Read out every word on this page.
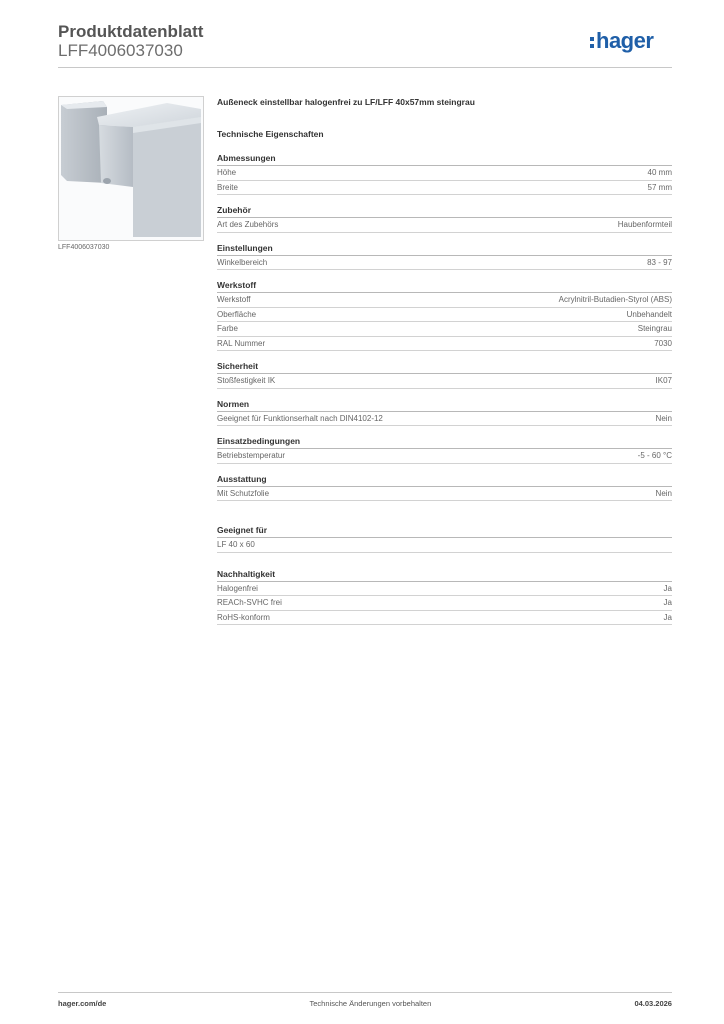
Produktdatenblatt
LFF4006037030	hager
LFF4006037030
Außeneck einstellbar halogenfrei zu LF/LFF 40x57mm steingrau
Technische Eigenschaften
Abmessungen
Höhe	40 mm
Breite	57 mm
Zubehör
Art des Zubehörs	Haubenformteil
Einstellungen
Winkelbereich	83 - 97
Werkstoff
Werkstoff	Acrylnitril-Butadien-Styrol (ABS)
Oberfläche	Unbehandelt
Farbe	Steingrau
RAL Nummer	7030
Sicherheit
Stoßfestigkeit IK	IK07
Normen
Geeignet für Funktionserhalt nach DIN4102-12	Nein
Einsatzbedingungen
Betriebstemperatur	-5 - 60 °C
Ausstattung
Mit Schutzfolie	Nein
Geeignet für
LF 40 x 60
Nachhaltigkeit
Halogenfrei	Ja
REACh-SVHC frei	Ja
RoHS-konform	Ja
hager.com/de	Technische Änderungen vorbehalten	04.03.2026
